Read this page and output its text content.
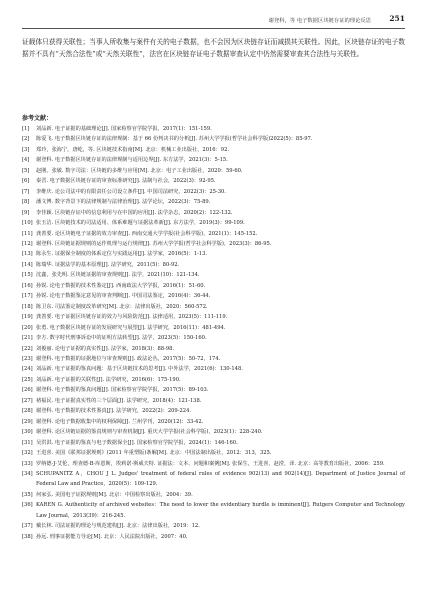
谢登科，等 电子数据区块链存证的理论反思 251
证载体只获得关联性；当事人所收集与案件有关的电子数据，也不会因为区块链存证而减损其关联性。因此，区块链存证的电子数据并不具有“天然合法性”或“天然关联性”，法官在区块链存证电子数据审查认定中仍然需要审查其合法性与关联性。
参考文献：
[1]	刘品新. 电子证据的基础理论[J]. 国家检察官学院学报，2017(1)：151-159.
[2]	陈爱飞. 电子数据区块链存证的法律规制：基于 66 份判决书的分析[J]. 苏州大学学报(哲学社会科学版)2022(5)：85-97.
[3]	郑玲，张海宁，唐屹，等. 区块链技术指南[M]. 北京：机械工业出版社，2016：92.
[4]	谢登科. 电子数据区块链存证的法律规制与适用边界[J]. 东方法学，2021(3)：5-15.
[5]	赵刚，张敏. 数字司法：区块链的多维与应用[M]. 北京：电子工业出版社，2020：59-60.
[6]	秦晋. 电子数据区块链存证的审查标准研究[J]. 法制与社会，2022(3)：92-95.
[7]	李维庆. 论公司法中的有限责任公司设立条件[J]. 中国司法研究，2022(3)：25-30.
[8]	潘文博. 数字背景下的法律规制与法律治理[J]. 法学论坛，2022(3)：75-89.
[9]	李佳颖. 区块链存证中的信息利用与在中国的应用[J]. 法学杂志，2020(2)：122-132.
[10] 张玉洁. 区块链技术的司法适用、体系难题与证据法革新[J]. 东方法学，2019(3)：99-109.
[11] 龚善要. 论区块链电子证据的效力审查[J]. 西南交通大学学报(社会科学版)，2021(1)：145-152.
[12] 谢登科. 区块链证据规则的运作机理与运行规律[J]. 苏州大学学报(哲学社会科学版)，2023(3)：86-95.
[13] 陈永生. 证据保全制度的体系定位与实践运用[J]. 法学家，2016(5)：1-13.
[14] 陈瑞华. 证据法学的基本原理[J]. 法学研究，2011(5)：80-92.
[15] 沈鑫，张先明. 区块链证据的审查规则[J]. 法学，2021(10)：121-134.
[16] 孙锐. 论电子数据的技术性鉴定[J]. 西南政法大学学报，2016(1)：51-60.
[17] 孙锐. 论电子数据鉴定意见的审查判断[J]. 中国司法鉴定，2016(4)：36-44.
[18] 陈卫东. 司法鉴定制度改革研究[M]. 北京：法律出版社，2020：560-572.
[19] 龚善要. 电子证据区块链存证的效力与风险防范[J]. 法律适用，2023(5)：111-119.
[20] 张勇. 电子数据区块链存证的发展研究与展望[J]. 法学研究，2016(11)：481-494.
[21] 李方. 数字时代刑事诉讼中的证明方法转型[J]. 法学，2023(5)：150-160.
[22] 刘俊丽. 论电子证据的真实性[J]. 法学家，2018(3)：88-98.
[23] 谢登科. 电子数据的证据地位与审查规则[J]. 政法论丛，2017(5)：50-72，174.
[24] 刘品新. 电子证据的鉴真问题：基于区块链技术的思考[J]. 中外法学，2021(6)：130-148.
[25] 刘品新. 电子证据的关联性[J]. 法学研究，2016(6)：175-190.
[26] 谢登科. 电子数据的鉴真问题[J]. 国家检察官学院学报，2017(5)：89-103.
[27] 褚福民. 电子证据真实性的三个层面[J]. 法学研究，2018(4)：121-138.
[28] 谢登科. 电子数据的技术性鉴真[J]. 法学研究，2022(2)：209-224.
[29] 谢登科. 论电子数据收集中的权利保障[J]. 兰州学刊，2020(12)：33-42.
[30] 谢登科. 论区块链证据的鉴真规则与审查机制[J]. 重庆大学学报(社会科学版)，2023(1)：228-240.
[31] 吴洪淇. 电子证据的鉴真与电子数据保全[J]. 国家检察官学院学报，2024(1)：146-160.
[32] 王进喜. 美国《联邦证据规则》(2011 年重塑版)条解[M]. 北京：中国法制出版社，2012：313，325.
[33] 罗纳德·J·艾伦，理查德·B·库恩斯，埃莉诺·斯威夫特. 证据法：文本、问题和案例[M]. 张保生，王进喜，赵滢，译. 北京：高等教育出版社，2006：259.
[34] SCHUPANITZ A，CHOU J L. Judges' treatment of federal rules of evidence 902(13) and 902(14)[J]. Department of Justice Journal of Federal Law and Practice，2020(5)：109-129.
[35] 何家弘. 美国电子证据规则[M]. 北京：中国检察出版社，2004：39.
[36] KAREN G. Authenticity of archived websites：The need to lower the evidentiary hurdle is imminent[J]. Rutgers Computer and Technology Law Journal，2013(39)：216-245.
[37] 戴长林. 司法证据的理论与规范建构[J]. 北京：法律出版社，2019：12.
[38] 孙远. 刑事证据能力导论[M]. 北京：人民法院出版社，2007：40.
